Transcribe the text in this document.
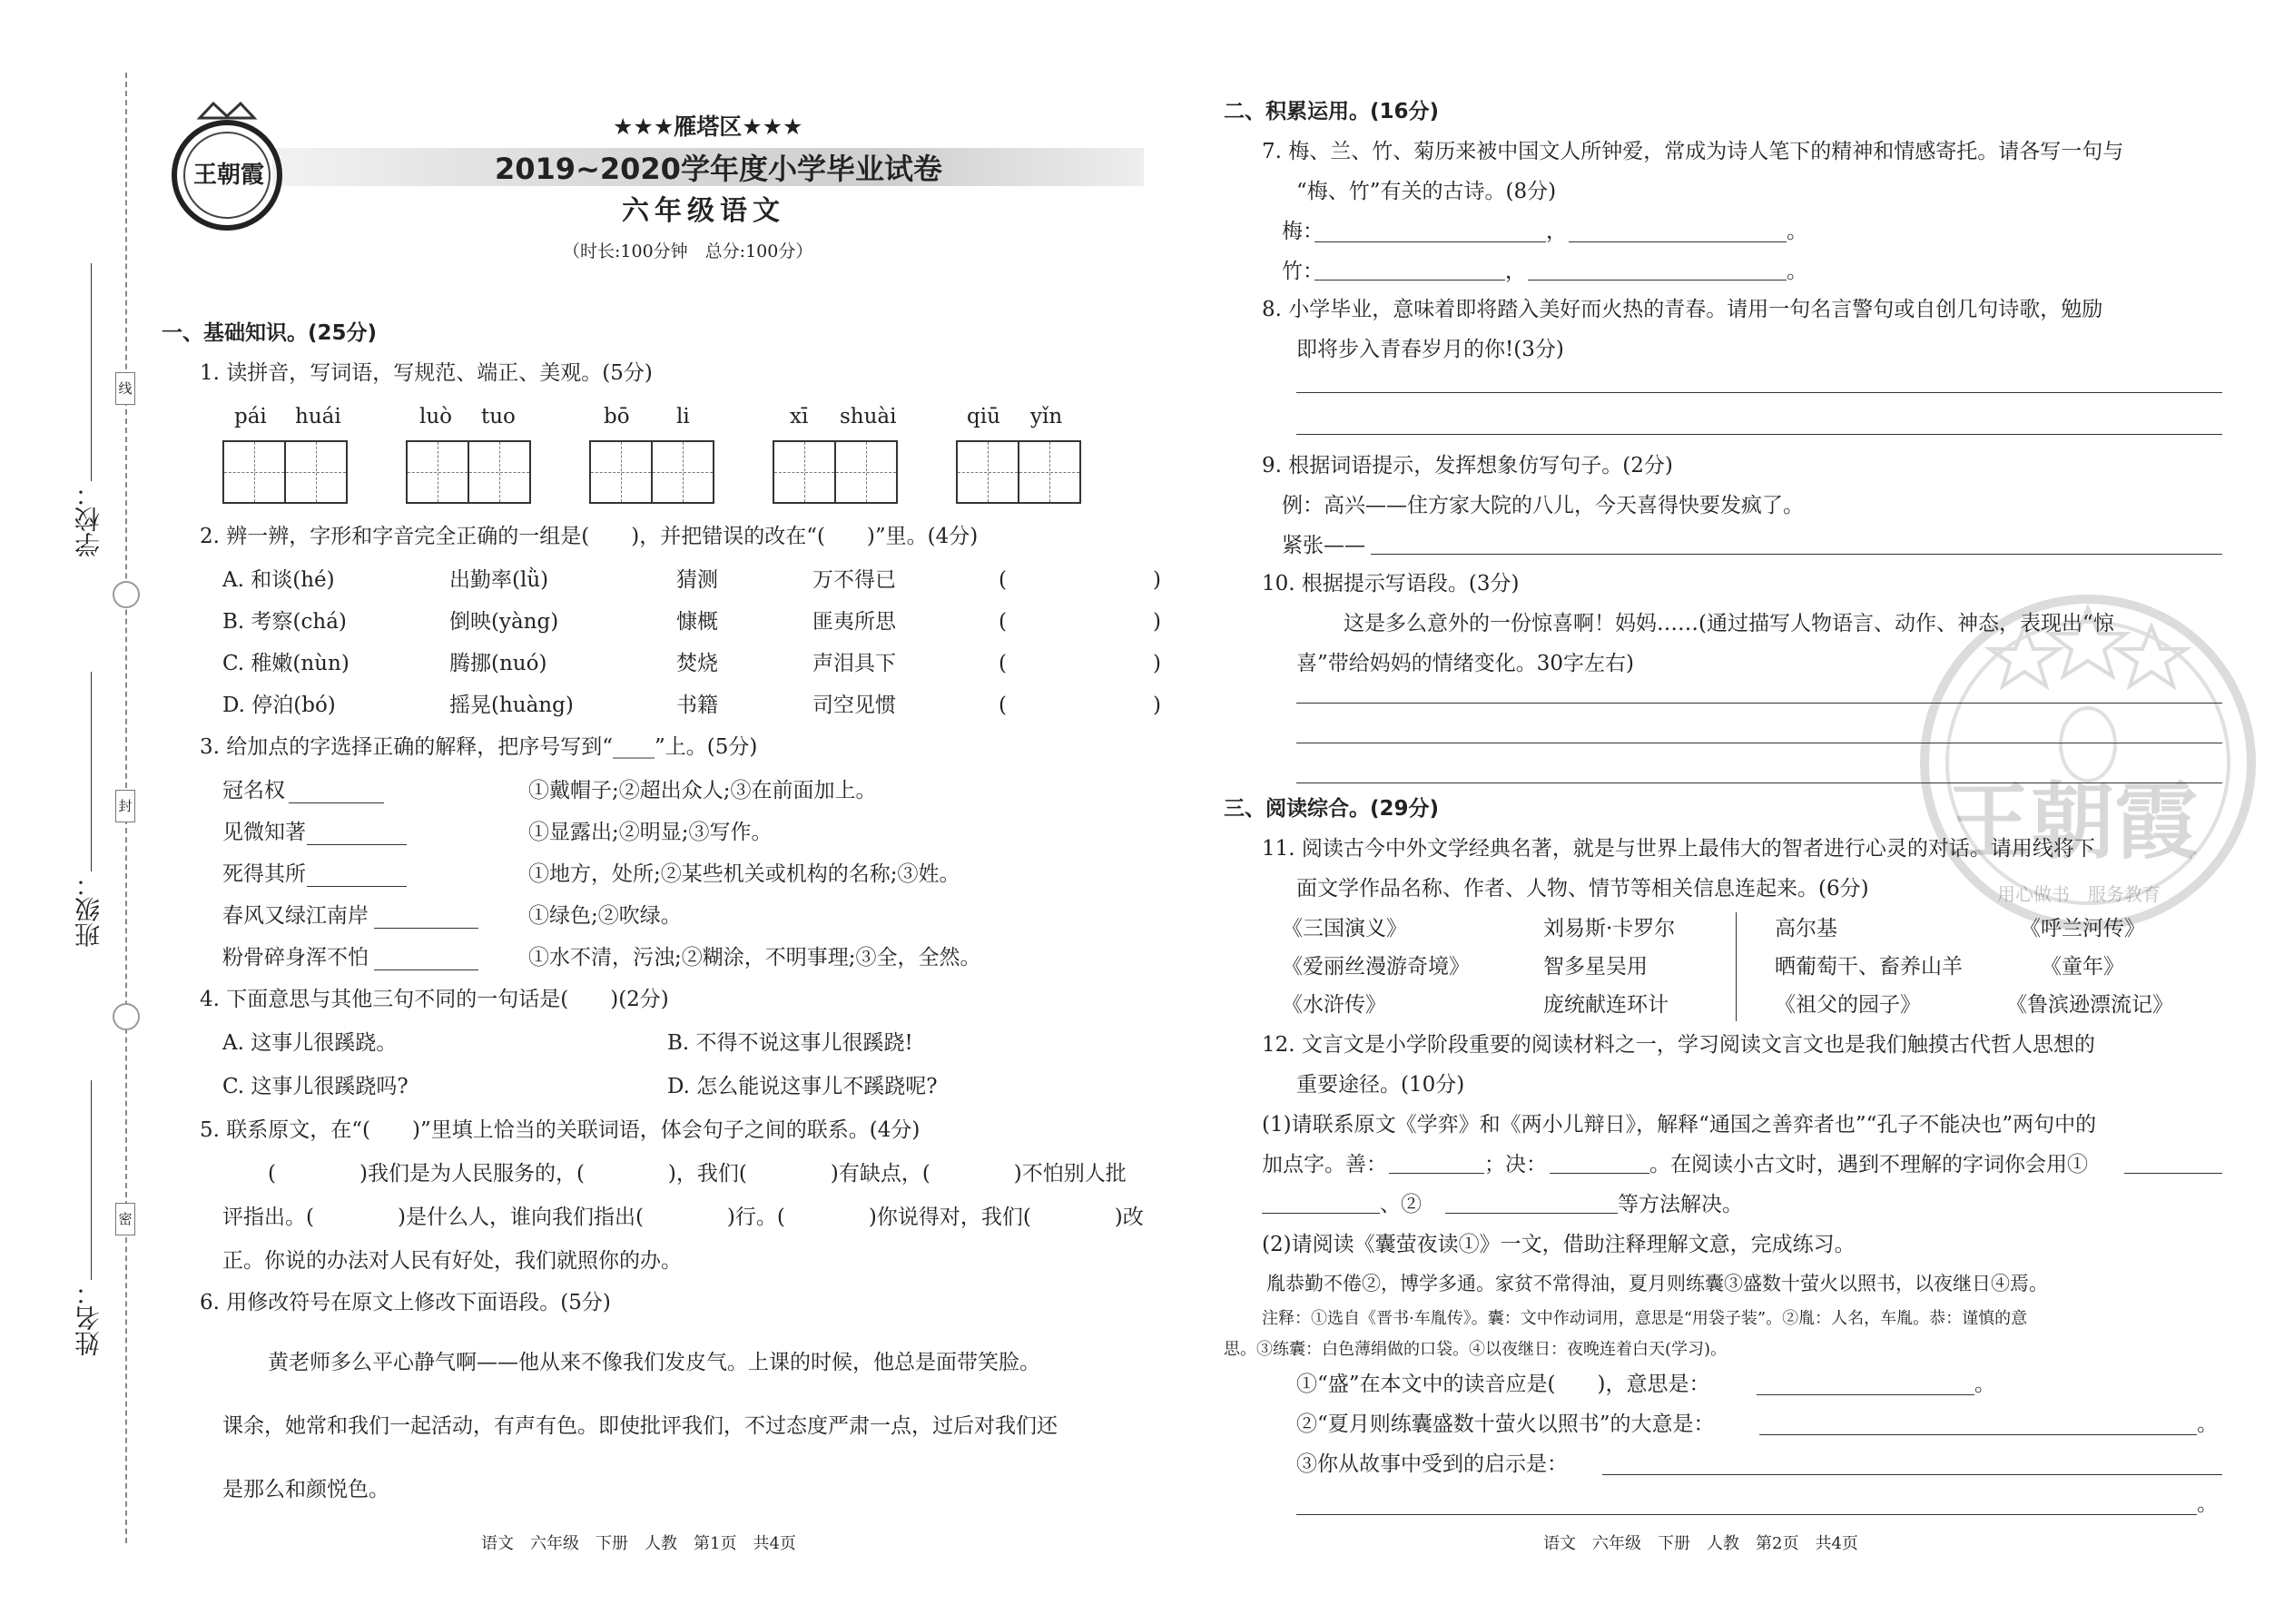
线
封
密
学校：
班级：
姓名：
王朝霞
★★★雁塔区★★★
2019~2020学年度小学毕业试卷
六年级语文
（时长:100分钟　总分:100分）
一、基础知识。(25分)
1. 读拼音，写词语，写规范、端正、美观。(5分)
pái huái	luò tuo	bō li	xī shuài	qiū yǐn
2. 辨一辨，字形和字音完全正确的一组是(　　)，并把错误的改在“(　　)”里。(4分)
A. 和谈(hé)	出勤率(lǜ)	猜测	万不得已	(　　　　　　　)
B. 考察(chá)	倒映(yàng)	慷概	匪夷所思	(　　　　　　　)
C. 稚嫩(nùn)	腾挪(nuó)	焚烧	声泪具下	(　　　　　　　)
D. 停泊(bó)	摇晃(huàng)	书籍	司空见惯	(　　　　　　　)
3. 给加点的字选择正确的解释，把序号写到“____”上。(5分)
冠名权	①戴帽子;②超出众人;③在前面加上。
见微知著	①显露出;②明显;③写作。
死得其所	①地方，处所;②某些机关或机构的名称;③姓。
春风又绿江南岸	①绿色;②吹绿。
粉骨碎身浑不怕	①水不清，污浊;②糊涂，不明事理;③全，全然。
4. 下面意思与其他三句不同的一句话是(　　)(2分)
A. 这事儿很蹊跷。	B. 不得不说这事儿很蹊跷!
C. 这事儿很蹊跷吗?	D. 怎么能说这事儿不蹊跷呢?
5. 联系原文，在“(　　)”里填上恰当的关联词语，体会句子之间的联系。(4分)
(　　　　)我们是为人民服务的，(　　　　)，我们(　　　　)有缺点，(　　　　)不怕别人批
评指出。(　　　　)是什么人，谁向我们指出(　　　　)行。(　　　　)你说得对，我们(　　　　)改
正。你说的办法对人民有好处，我们就照你的办。
6. 用修改符号在原文上修改下面语段。(5分)
黄老师多么平心静气啊——他从来不像我们发皮气。上课的时候，他总是面带笑脸。
课余，她常和我们一起活动，有声有色。即使批评我们，不过态度严肃一点，过后对我们还
是那么和颜悦色。
语文　六年级　下册　人教　第1页　共4页
王朝霞
用心做书　服务教育
二、积累运用。(16分)
7. 梅、兰、竹、菊历来被中国文人所钟爱，常成为诗人笔下的精神和情感寄托。请各写一句与
“梅、竹”有关的古诗。(8分)
梅：	，	。
竹：	，	。
8. 小学毕业，意味着即将踏入美好而火热的青春。请用一句名言警句或自创几句诗歌，勉励
即将步入青春岁月的你!(3分)
9. 根据词语提示，发挥想象仿写句子。(2分)
例：高兴——住方家大院的八儿，今天喜得快要发疯了。
紧张——
10. 根据提示写语段。(3分)
这是多么意外的一份惊喜啊！妈妈……(通过描写人物语言、动作、神态，表现出“惊
喜”带给妈妈的情绪变化。30字左右)
三、阅读综合。(29分)
11. 阅读古今中外文学经典名著，就是与世界上最伟大的智者进行心灵的对话。请用线将下
面文学作品名称、作者、人物、情节等相关信息连起来。(6分)
《三国演义》	刘易斯·卡罗尔	高尔基	《呼兰河传》
《爱丽丝漫游奇境》	智多星吴用	晒葡萄干、畜养山羊	《童年》
《水浒传》	庞统献连环计	《祖父的园子》	《鲁滨逊漂流记》
12. 文言文是小学阶段重要的阅读材料之一，学习阅读文言文也是我们触摸古代哲人思想的
重要途径。(10分)
(1)请联系原文《学弈》和《两小儿辩日》，解释“通国之善弈者也”“孔子不能决也”两句中的
加点字。善：	；决：	。在阅读小古文时，遇到不理解的字词你会用①
、②	等方法解决。
(2)请阅读《囊萤夜读①》一文，借助注释理解文意，完成练习。
胤恭勤不倦②，博学多通。家贫不常得油，夏月则练囊③盛数十萤火以照书，以夜继日④焉。
注释：①选自《晋书·车胤传》。囊：文中作动词用，意思是“用袋子装”。②胤：人名，车胤。恭：谨慎的意
思。③练囊：白色薄绢做的口袋。④以夜继日：夜晚连着白天(学习)。
①“盛”在本文中的读音应是(　　)，意思是：	。
②“夏月则练囊盛数十萤火以照书”的大意是：	。
③你从故事中受到的启示是：
。
语文　六年级　下册　人教　第2页　共4页
